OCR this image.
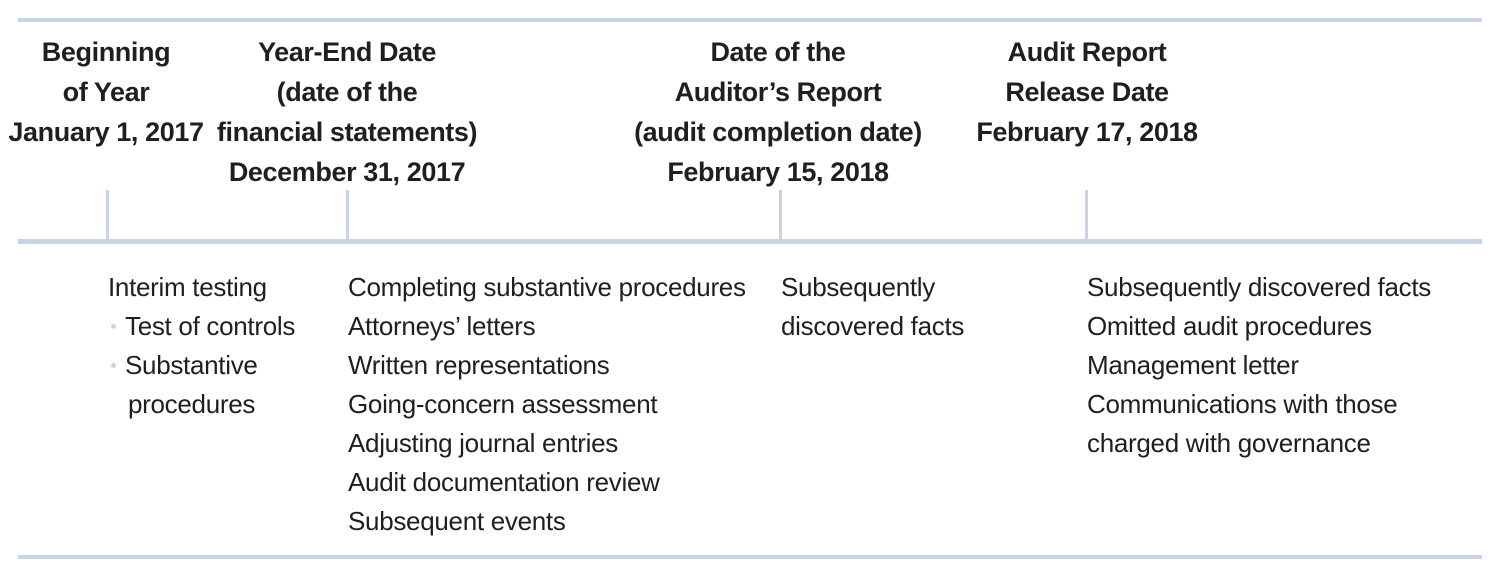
Beginning
of Year
January 1, 2017
Year-End Date
(date of the
financial statements)
December 31, 2017
Date of the
Auditor’s Report
(audit completion date)
February 15, 2018
Audit Report
Release Date
February 17, 2018
Interim testing
Test of controls
Substantive
procedures
Completing substantive procedures
Attorneys’ letters
Written representations
Going-concern assessment
Adjusting journal entries
Audit documentation review
Subsequent events
Subsequently
discovered facts
Subsequently discovered facts
Omitted audit procedures
Management letter
Communications with those
charged with governance
